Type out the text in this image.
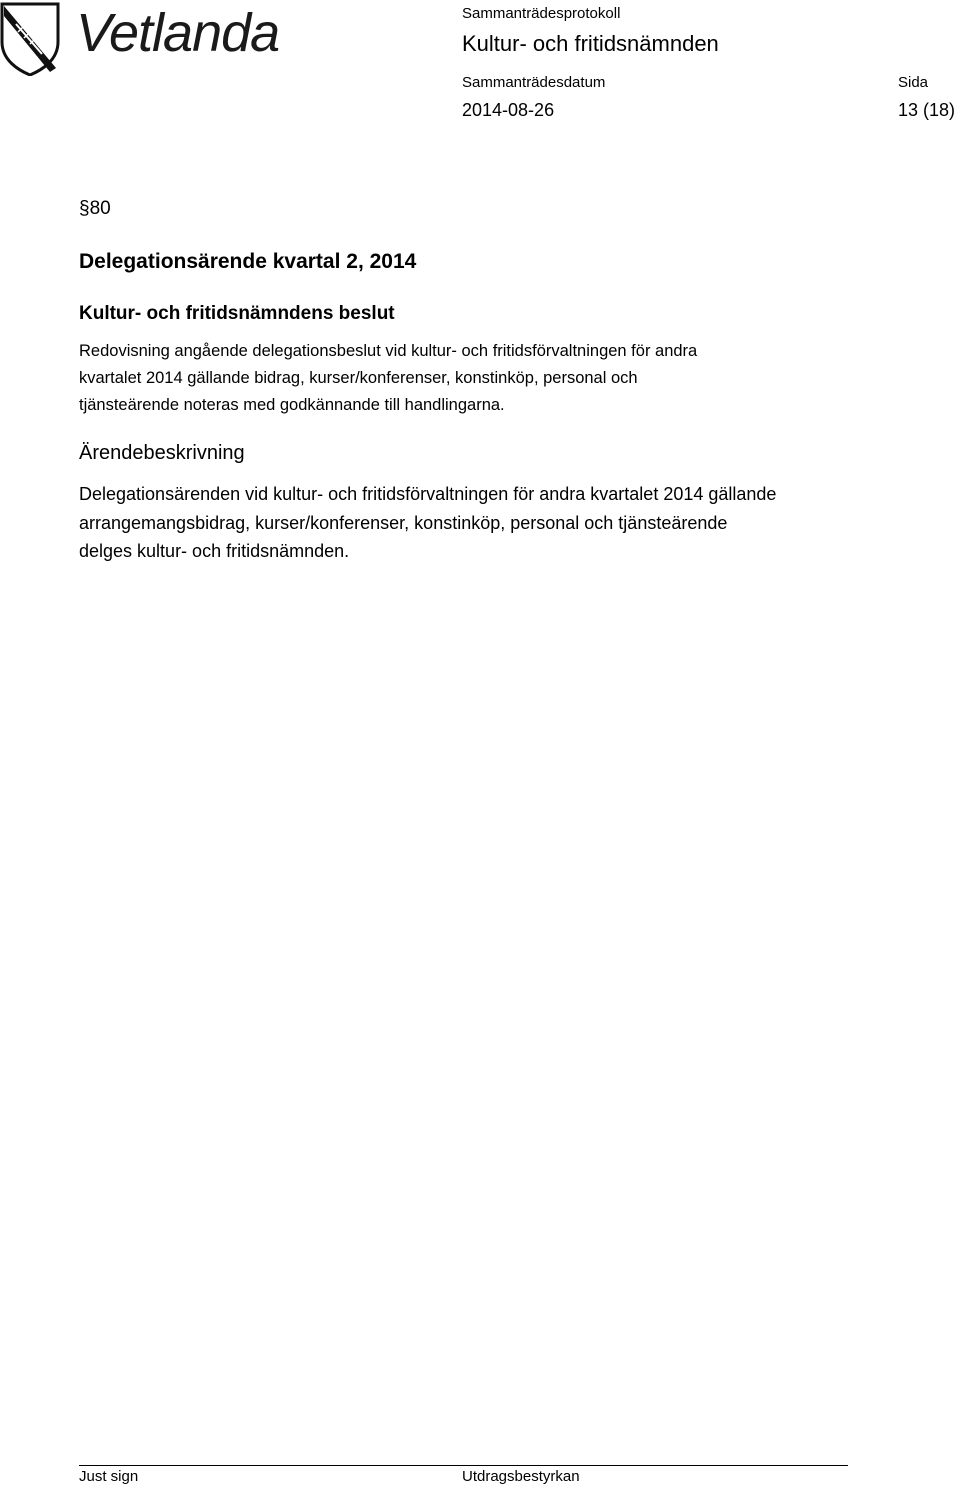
Vetlanda	Sammanträdesprotokoll
Kultur- och fritidsnämnden
Sammanträdesdatum	Sida
2014-08-26	13 (18)
§80
Delegationsärende kvartal 2, 2014
Kultur- och fritidsnämndens beslut
Redovisning angående delegationsbeslut vid kultur- och fritidsförvaltningen för andra
kvartalet 2014 gällande bidrag, kurser/konferenser, konstinköp, personal och
tjänsteärende noteras med godkännande till handlingarna.
Ärendebeskrivning
Delegationsärenden vid kultur- och fritidsförvaltningen för andra kvartalet 2014 gällande
arrangemangsbidrag, kurser/konferenser, konstinköp, personal och tjänsteärende
delges kultur- och fritidsnämnden.
Just sign	Utdragsbestyrkan
